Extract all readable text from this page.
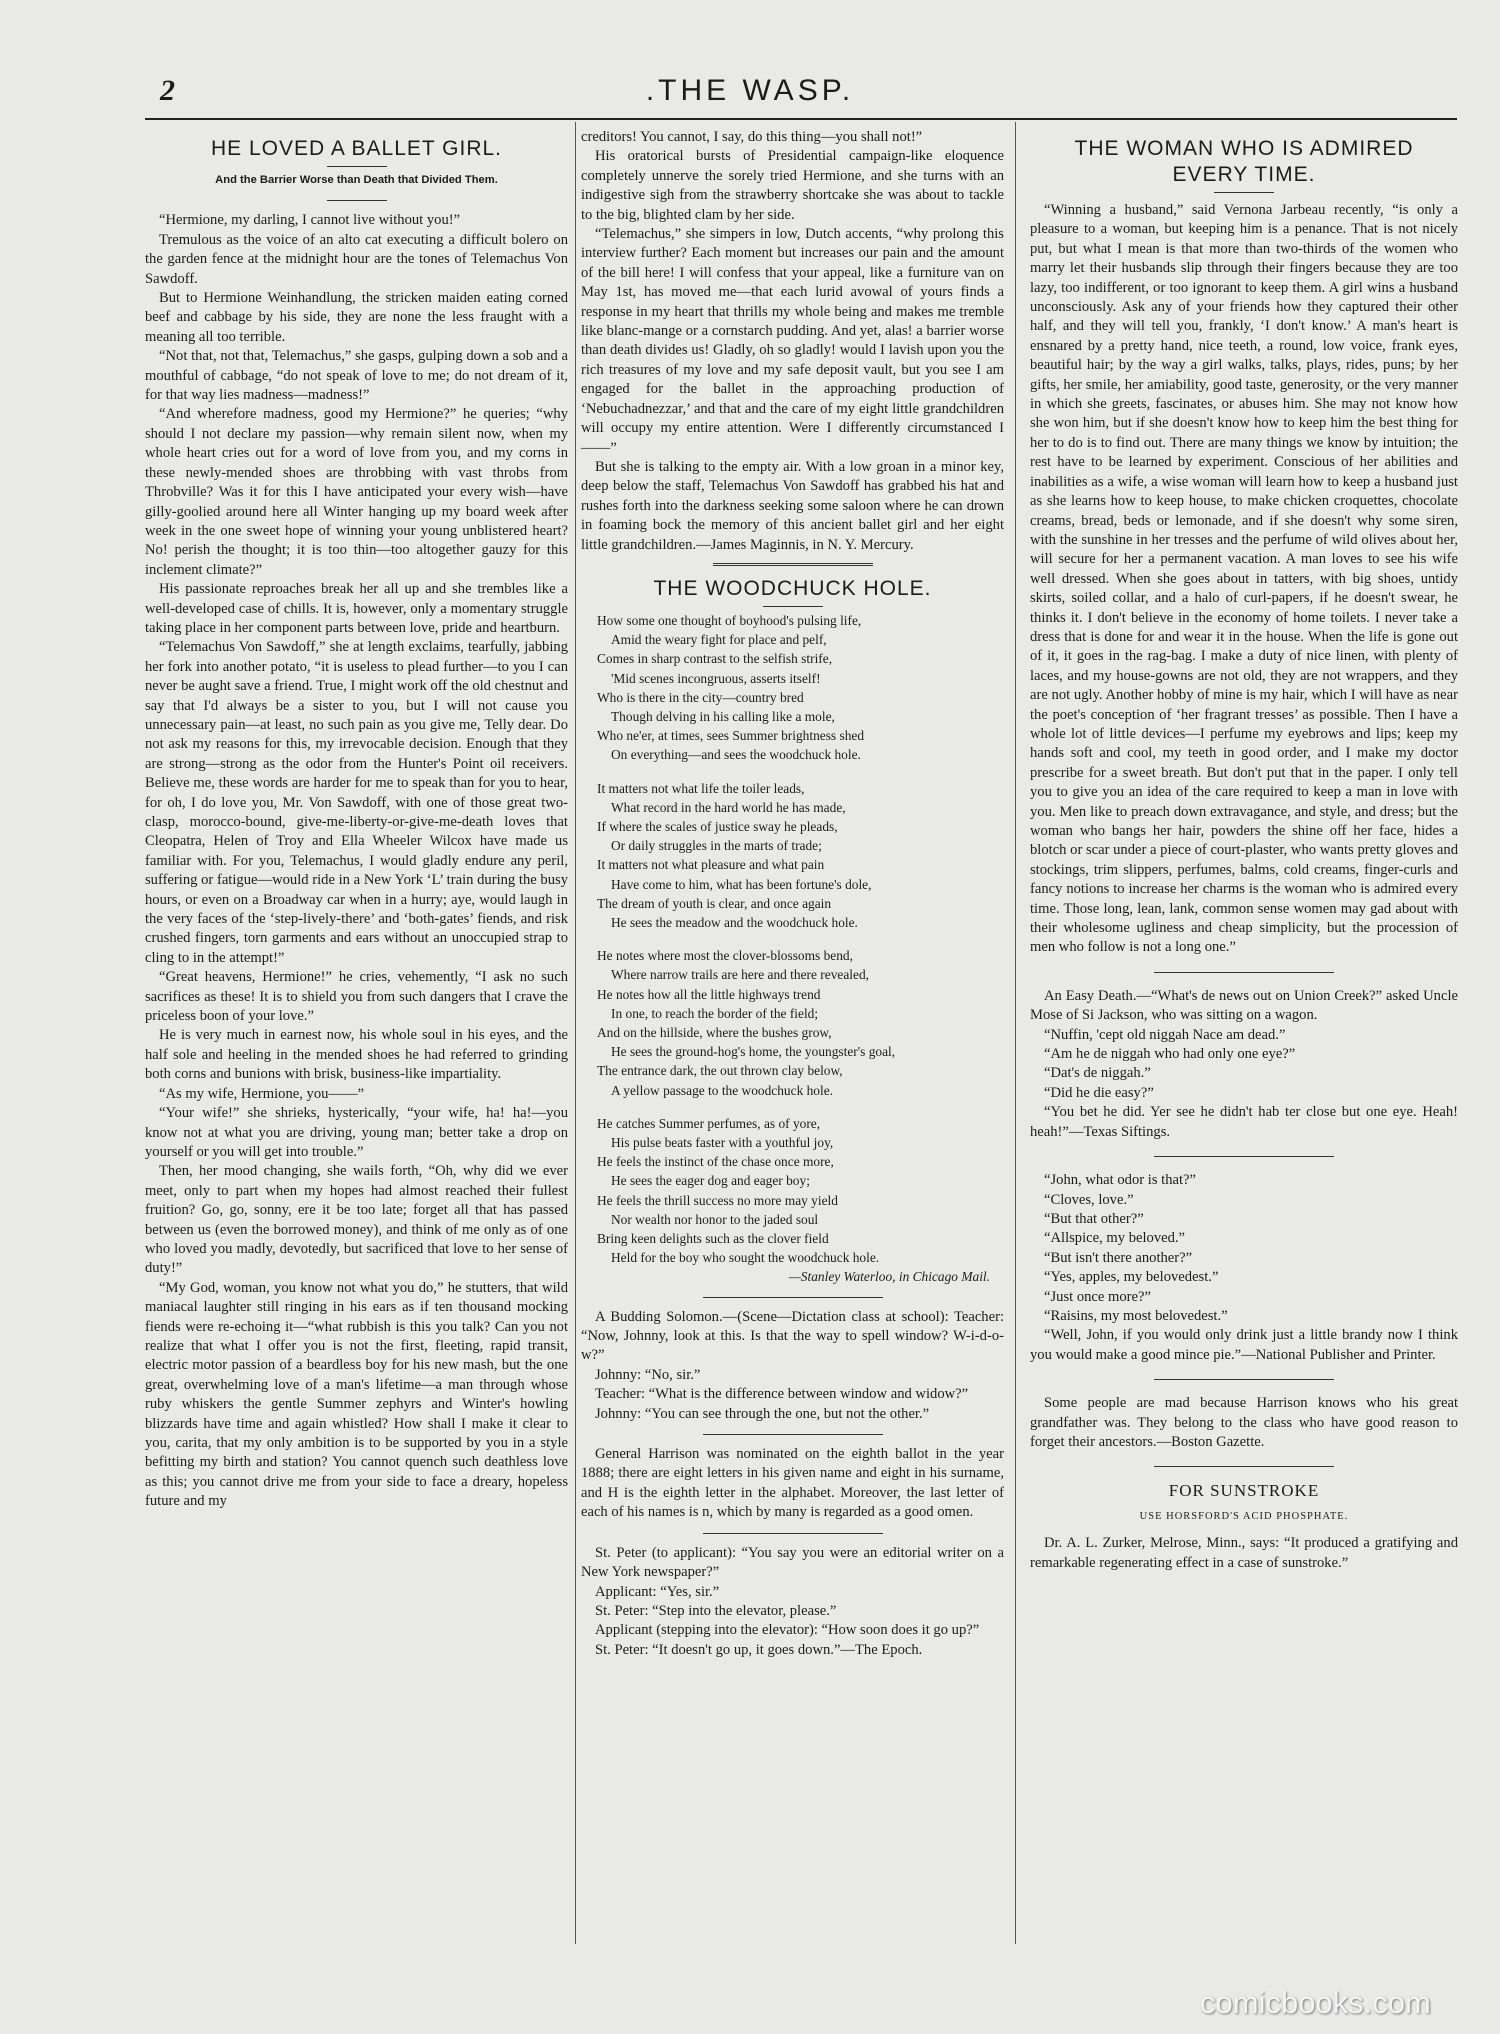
2	.THE WASP.
HE LOVED A BALLET GIRL.
And the Barrier Worse than Death that Divided Them.

“Hermione, my darling, I cannot live without you!”

Tremulous as the voice of an alto cat executing a difficult bolero on the garden fence at the midnight hour are the tones of Telemachus Von Sawdoff.

But to Hermione Weinhandlung, the stricken maiden eating corned beef and cabbage by his side, they are none the less fraught with a meaning all too terrible.

“Not that, not that, Telemachus,” she gasps, gulping down a sob and a mouthful of cabbage, “do not speak of love to me; do not dream of it, for that way lies madness—madness!”

“And wherefore madness, good my Hermione?” he queries; “why should I not declare my passion—why remain silent now, when my whole heart cries out for a word of love from you, and my corns in these newly-mended shoes are throbbing with vast throbs from Throbville? Was it for this I have anticipated your every wish—have gilly-goolied around here all Winter hanging up my board week after week in the one sweet hope of winning your young unblistered heart? No! perish the thought; it is too thin—too altogether gauzy for this inclement climate?”

His passionate reproaches break her all up and she trembles like a well-developed case of chills. It is, however, only a momentary struggle taking place in her component parts between love, pride and heartburn.

“Telemachus Von Sawdoff,” she at length exclaims, tearfully, jabbing her fork into another potato, “it is useless to plead further—to you I can never be aught save a friend. True, I might work off the old chestnut and say that I'd always be a sister to you, but I will not cause you unnecessary pain—at least, no such pain as you give me, Telly dear. Do not ask my reasons for this, my irrevocable decision. Enough that they are strong—strong as the odor from the Hunter's Point oil receivers. Believe me, these words are harder for me to speak than for you to hear, for oh, I do love you, Mr. Von Sawdoff, with one of those great two-clasp, morocco-bound, give-me-liberty-or-give-me-death loves that Cleopatra, Helen of Troy and Ella Wheeler Wilcox have made us familiar with. For you, Telemachus, I would gladly endure any peril, suffering or fatigue—would ride in a New York ‘L’ train during the busy hours, or even on a Broadway car when in a hurry; aye, would laugh in the very faces of the ‘step-lively-there’ and ‘both-gates’ fiends, and risk crushed fingers, torn garments and ears without an unoccupied strap to cling to in the attempt!”

“Great heavens, Hermione!” he cries, vehemently, “I ask no such sacrifices as these! It is to shield you from such dangers that I crave the priceless boon of your love.”

He is very much in earnest now, his whole soul in his eyes, and the half sole and heeling in the mended shoes he had referred to grinding both corns and bunions with brisk, business-like impartiality.

“As my wife, Hermione, you——”

“Your wife!” she shrieks, hysterically, “your wife, ha! ha!—you know not at what you are driving, young man; better take a drop on yourself or you will get into trouble.”

Then, her mood changing, she wails forth, “Oh, why did we ever meet, only to part when my hopes had almost reached their fullest fruition? Go, go, sonny, ere it be too late; forget all that has passed between us (even the borrowed money), and think of me only as of one who loved you madly, devotedly, but sacrificed that love to her sense of duty!”

“My God, woman, you know not what you do,” he stutters, that wild maniacal laughter still ringing in his ears as if ten thousand mocking fiends were re-echoing it—“what rubbish is this you talk? Can you not realize that what I offer you is not the first, fleeting, rapid transit, electric motor passion of a beardless boy for his new mash, but the one great, overwhelming love of a man's lifetime—a man through whose ruby whiskers the gentle Summer zephyrs and Winter's howling blizzards have time and again whistled? How shall I make it clear to you, carita, that my only ambition is to be supported by you in a style befitting my birth and station? You cannot quench such deathless love as this; you cannot drive me from your side to face a dreary, hopeless future and my

creditors! You cannot, I say, do this thing—you shall not!”

His oratorical bursts of Presidential campaign-like eloquence completely unnerve the sorely tried Hermione, and she turns with an indigestive sigh from the strawberry shortcake she was about to tackle to the big, blighted clam by her side.

“Telemachus,” she simpers in low, Dutch accents, “why prolong this interview further? Each moment but increases our pain and the amount of the bill here! I will confess that your appeal, like a furniture van on May 1st, has moved me—that each lurid avowal of yours finds a response in my heart that thrills my whole being and makes me tremble like blanc-mange or a cornstarch pudding. And yet, alas! a barrier worse than death divides us! Gladly, oh so gladly! would I lavish upon you the rich treasures of my love and my safe deposit vault, but you see I am engaged for the ballet in the approaching production of ‘Nebuchadnezzar,’ and that and the care of my eight little grandchildren will occupy my entire attention. Were I differently circumstanced I——”

But she is talking to the empty air. With a low groan in a minor key, deep below the staff, Telemachus Von Sawdoff has grabbed his hat and rushes forth into the darkness seeking some saloon where he can drown in foaming bock the memory of this ancient ballet girl and her eight little grandchildren.—James Maginnis, in N. Y. Mercury.

THE WOODCHUCK HOLE.
How some one thought of boyhood's pulsing life,
Amid the weary fight for place and pelf,
Comes in sharp contrast to the selfish strife,
'Mid scenes incongruous, asserts itself!
Who is there in the city—country bred
Though delving in his calling like a mole,
Who ne'er, at times, sees Summer brightness shed
On everything—and sees the woodchuck hole.
It matters not what life the toiler leads,
What record in the hard world he has made,
If where the scales of justice sway he pleads,
Or daily struggles in the marts of trade;
It matters not what pleasure and what pain
Have come to him, what has been fortune's dole,
The dream of youth is clear, and once again
He sees the meadow and the woodchuck hole.
He notes where most the clover-blossoms bend,
Where narrow trails are here and there revealed,
He notes how all the little highways trend
In one, to reach the border of the field;
And on the hillside, where the bushes grow,
He sees the ground-hog's home, the youngster's goal,
The entrance dark, the out thrown clay below,
A yellow passage to the woodchuck hole.
He catches Summer perfumes, as of yore,
His pulse beats faster with a youthful joy,
He feels the instinct of the chase once more,
He sees the eager dog and eager boy;
He feels the thrill success no more may yield
Nor wealth nor honor to the jaded soul
Bring keen delights such as the clover field
Held for the boy who sought the woodchuck hole.
—Stanley Waterloo, in Chicago Mail.

A Budding Solomon.—(Scene—Dictation class at school): Teacher: “Now, Johnny, look at this. Is that the way to spell window? W-i-d-o-w?”

Johnny: “No, sir.”

Teacher: “What is the difference between window and widow?”

Johnny: “You can see through the one, but not the other.”

General Harrison was nominated on the eighth ballot in the year 1888; there are eight letters in his given name and eight in his surname, and H is the eighth letter in the alphabet. Moreover, the last letter of each of his names is n, which by many is regarded as a good omen.

St. Peter (to applicant): “You say you were an editorial writer on a New York newspaper?”

Applicant: “Yes, sir.”

St. Peter: “Step into the elevator, please.”

Applicant (stepping into the elevator): “How soon does it go up?”

St. Peter: “It doesn't go up, it goes down.”—The Epoch.

THE WOMAN WHO IS ADMIRED
EVERY TIME.

“Winning a husband,” said Vernona Jarbeau recently, “is only a pleasure to a woman, but keeping him is a penance. That is not nicely put, but what I mean is that more than two-thirds of the women who marry let their husbands slip through their fingers because they are too lazy, too indifferent, or too ignorant to keep them. A girl wins a husband unconsciously. Ask any of your friends how they captured their other half, and they will tell you, frankly, ‘I don't know.’ A man's heart is ensnared by a pretty hand, nice teeth, a round, low voice, frank eyes, beautiful hair; by the way a girl walks, talks, plays, rides, puns; by her gifts, her smile, her amiability, good taste, generosity, or the very manner in which she greets, fascinates, or abuses him. She may not know how she won him, but if she doesn't know how to keep him the best thing for her to do is to find out. There are many things we know by intuition; the rest have to be learned by experiment. Conscious of her abilities and inabilities as a wife, a wise woman will learn how to keep a husband just as she learns how to keep house, to make chicken croquettes, chocolate creams, bread, beds or lemonade, and if she doesn't why some siren, with the sunshine in her tresses and the perfume of wild olives about her, will secure for her a permanent vacation. A man loves to see his wife well dressed. When she goes about in tatters, with big shoes, untidy skirts, soiled collar, and a halo of curl-papers, if he doesn't swear, he thinks it. I don't believe in the economy of home toilets. I never take a dress that is done for and wear it in the house. When the life is gone out of it, it goes in the rag-bag. I make a duty of nice linen, with plenty of laces, and my house-gowns are not old, they are not wrappers, and they are not ugly. Another hobby of mine is my hair, which I will have as near the poet's conception of ‘her fragrant tresses’ as possible. Then I have a whole lot of little devices—I perfume my eyebrows and lips; keep my hands soft and cool, my teeth in good order, and I make my doctor prescribe for a sweet breath. But don't put that in the paper. I only tell you to give you an idea of the care required to keep a man in love with you. Men like to preach down extravagance, and style, and dress; but the woman who bangs her hair, powders the shine off her face, hides a blotch or scar under a piece of court-plaster, who wants pretty gloves and stockings, trim slippers, perfumes, balms, cold creams, finger-curls and fancy notions to increase her charms is the woman who is admired every time. Those long, lean, lank, common sense women may gad about with their wholesome ugliness and cheap simplicity, but the procession of men who follow is not a long one.”

An Easy Death.—“What's de news out on Union Creek?” asked Uncle Mose of Si Jackson, who was sitting on a wagon.

“Nuffin, 'cept old niggah Nace am dead.”

“Am he de niggah who had only one eye?”

“Dat's de niggah.”

“Did he die easy?”

“You bet he did. Yer see he didn't hab ter close but one eye. Heah! heah!”—Texas Siftings.

“John, what odor is that?”

“Cloves, love.”

“But that other?”

“Allspice, my beloved.”

“But isn't there another?”

“Yes, apples, my belovedest.”

“Just once more?”

“Raisins, my most belovedest.”

“Well, John, if you would only drink just a little brandy now I think you would make a good mince pie.”—National Publisher and Printer.

Some people are mad because Harrison knows who his great grandfather was. They belong to the class who have good reason to forget their ancestors.—Boston Gazette.

FOR SUNSTROKE
USE HORSFORD'S ACID PHOSPHATE.

Dr. A. L. Zurker, Melrose, Minn., says: “It produced a gratifying and remarkable regenerating effect in a case of sunstroke.”

comicbooks.com
